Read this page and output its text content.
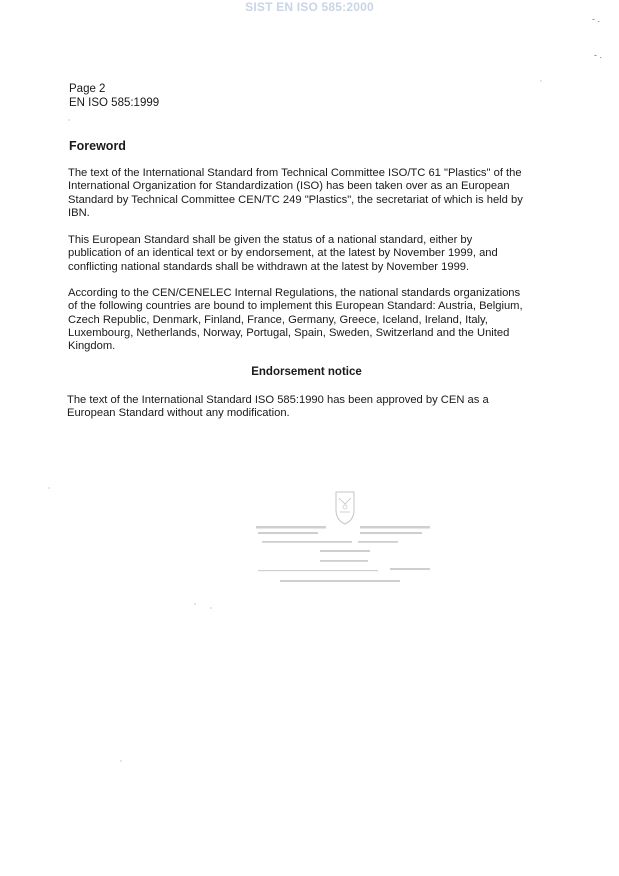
SIST EN ISO 585:2000
- .
- .
Page 2
EN ISO 585:1999
Foreword

The text of the International Standard from Technical Committee ISO/TC 61 "Plastics" of the
International Organization for Standardization (ISO) has been taken over as an European
Standard by Technical Committee CEN/TC 249 "Plastics", the secretariat of which is held by
IBN.

This European Standard shall be given the status of a national standard, either by
publication of an identical text or by endorsement, at the latest by November 1999, and
conflicting national standards shall be withdrawn at the latest by November 1999.

According to the CEN/CENELEC Internal Regulations, the national standards organizations
of the following countries are bound to implement this European Standard: Austria, Belgium,
Czech Republic, Denmark, Finland, France, Germany, Greece, Iceland, Ireland, Italy,
Luxembourg, Netherlands, Norway, Portugal, Spain, Sweden, Switzerland and the United
Kingdom.

Endorsement notice

The text of the International Standard ISO 585:1990 has been approved by CEN as a
European Standard without any modification.
